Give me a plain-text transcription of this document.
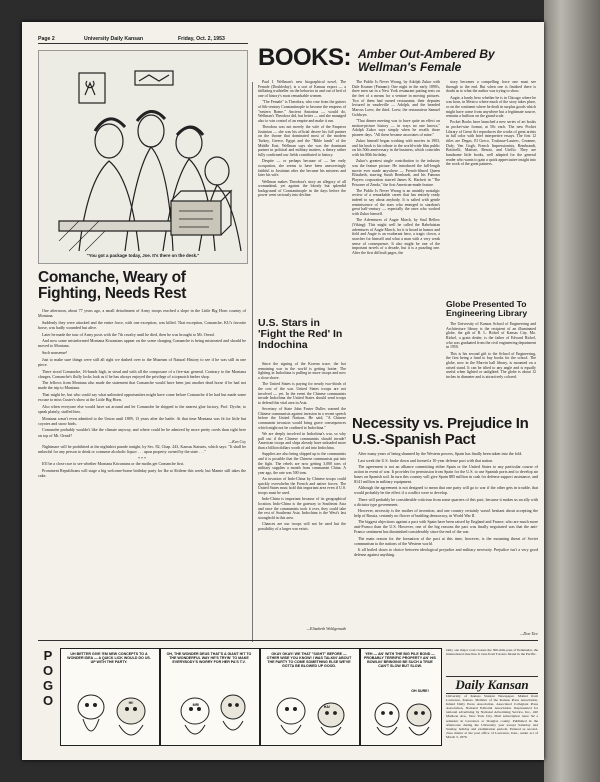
Page 2	University Daily Kansan	Friday, Oct. 2, 1953
"You got a package today, Joe. It's there on the desk."
Comanche, Weary of Fighting, Needs Rest

One afternoon, about 77 years ago, a small detachment of Army troops reached a slope in the Little Big Horn country of Montana.

Suddenly they were attacked and the entire force, with one exception, was killed. That exception, Comanche, KU's favorite horse, was badly wounded but alive.

Later he made the tour of Army posts with the 7th cavalry until he died, then he was brought to Mt. Oread.

And now some misinformed Montana Kiwanians appear on the scene charging Comanche is being mistreated and should be moved to Montana.

Such nonsense!

Just to make sure things were still all right we dashed over to the Museum of Natural History to see if he was still in one piece.

There stood Comanche, 16-hands high, in stead and with all the composure of a five-star general. Contrary to the Montana charges, Comanche's fluffy locks look as if he has always enjoyed the privilege of a topnotch barber shop.

The fellows from Montana also made the statement that Comanche would have been just another dead horse if he had not made the trip to Montana.

That might be, but who could say what unlimited opportunities might have come before Comanche if he had but made some excuse to miss Custer's show at the Little Big Horn.

Also when everyone else would have sat around and let Comanche be shipped to the nearest glue factory, Prof. Dyche, to speak plainly, stuffed him.

Montana wasn't even admitted to the Union until 1889, 13 years after the battle. At that time Montana was fit for little but coyotes and snow birds.

Comanche probably wouldn't like the climate anyway, and where could he be admired by more pretty coeds than right here on top of Mt. Oread?

—Ken Coy

Nightmare will be prohibited at the nightshirt parade tonight, by Sec. 82, Chap. 243, Kansas Statutes, which says: "It shall be unlawful for any person to drink or consume alcoholic liquor . . . upon property owned by the state . . ."

* * *

It'll be a close race to see whether Montana Kiwanians or the moths get Comanche first.

Prominent Republicans will stage a big welcome-home birthday party for Ike at Abilene this week; but Mamie still takes the cake.

BOOKS: Amber Out-Ambered By Wellman's Female

Paul I. Wellman's new biographical novel, The Female (Doubleday), is a sort of Kansas export — a titillating truthteller on the behavior in and out of bed of one of history's most remarkable women.

"The Female" is Theodora, who rose from the gutters of 6th-century Constantinople to become the empress of "eastern Rome." Ancient Antonina — would do, Wellman's Theodora did, but better — and she managed also to win control of an empire and make it run.

Theodora was not merely the wife of the Emperor Justinian — she was his official decree his full partner on the throne that dominated most of the modern Turkey, Greece, Egypt and the "Bible lands" of the Middle East. Wellman says she was the dominant partner in political and military matters, a theory rather fully confirmed our fields contributed to history.

Despite — or perhaps because of — her early occupation, she seems to have been unswervingly faithful to Justinian after she became his mistress and later his wife.

Wellman makes Theodora's story an allegory of all womankind, yet against the bloody but splendid background of Constantinople in the days before the power went seriously into decline.

The Public Is Never Wrong, by Adolph Zukor with Dale Kramer (Putnam): One night in the early 1890's, three men sat in a New York restaurant putting tests on the feet of a means for a venture in moving pictures. Two of them had owned restaurants; their deputies lectured in vaudeville — Adolph, and the bearded Marcus Loew, the third. Loew, the restaurateur Samuel Goldwyn.

"That dinner meeting was to have quite an effect on motion-picture history — in ways no one knows," Adolph Zukor says simply when he recalls those pioneer days. "All these became associates of mine."

Zukor himself began working with movies in 1903, and his book is his tribute to the world-wide film public on his 50th anniversary in the business, which coincides with his 80th birthday.

Zukor's greatest single contribution to the industry was the feature picture. He introduced the full-length movie ever made anywhere — French-filmed Queen Elizabeth, starring Sarah Bernhardt, and his Famous Players corporation starred James K. Hackett in "The Prisoner of Zenda," the first American-made feature.

The Public Is Never Wrong is an amiably nostalgic review of a remarkable career that has entirely ready indeed to say about anybody. It is salted with gentle reminiscence of the stars who emerged to stardom's great half-century — especially the ones who worked with Zukor himself.

The Adventures of Augie March, by Saul Bellow (Viking): This might well be called the Rabelaisian adventures of Augie March, for it is broad in humor and field and Augie is an exuberant hero, a tragic clown, a searcher for himself and what a man with a very weak sense of consequence. It also might be one of the important novels of a decade, but it is a puzzling one. After the first difficult pages, the

story becomes a compelling force one must see through to the end. But when one is finished there is doubt as to what the author was trying to show.

Augie, a hardy hero whether he is in Chicago where he was born, in Mexico where much of the story takes place, or on the continent where he dealt in surplus goods which might have come from anywhere but a legitimate source, remains a buffoon on the grand scale.

Pocket Books have launched a new series of art books in pocket-size format, at 50c each. The new Pocket Library of Great Art reproduces the works of great artists in full color with brief interpretive essays. The first 12 titles are Degas, El Greco, Toulouse-Lautrec, Cezanne, Dufy, Van Gogh, French Impressionists, Rembrandt, Botticelli, Matisse, Renoir, and Utrillo. They are handsome little books, well adapted for the general reader who wants to gain a quick appreciative insight into the work of the great painters.

Globe Presented To Engineering Library

The University of Kansas School of Engineering and Architecture library is the recipient of an illuminated globe, the gift of R. L. Rickel of Kansas City, Mo. Rickel, a grain dealer, is the father of Edward Rickel, who was graduated from the civil engineering department in 1950.

This is his second gift to the School of Engineering, the first being a fund to buy books for the school. The globe, now in the Marvin hall library, is mounted on a raised stand. It can be tilted to any angle and is equally useful when lighted or unlighted. The globe is about 12 inches in diameter and is attractively colored.

U.S. Stars in 'Fight the Red' In Indochina

Since the signing of the Korean truce, the hot remaining war in the world is getting hotter. The fighting in Indochina is pulling in more troops and now a close shave.

The United States is paying for nearly two-thirds of the cost of the war. United States troops are not involved — yet. In the event the Chinese communists invade Indochina the United States should send troops to defend this vital area in Asia.

Secretary of State John Foster Dulles warned the Chinese communists against invasion in a recent speech before the United Nations. He said, "A Chinese communist invasion would bring grave consequences which might not be confined to Indochina."

We are deeply involved in Indochina's war, so why pull out if the Chinese communists should invade? American troops and ships already have unloaded more than a billion dollars worth of aid into Indochina.

Supplies are also being shipped up to the communists and it is possible that the Chinese communists put into the fight. The rebels are now getting 3,000 tons of military supplies a month from communist China. A year ago, the rate was 500 tons.

An invasion of Indo-China by Chinese troops could quickly overwhelm the French and native forces. The United States must hold this important area even if U.S. troops must be used.

Indo-China is important because of its geographical location. Indo-China is the gateway to Southeast Asia and once the communists took it over, they could take the rest of Southeast Asia. Indochina is the West's last stronghold in this area.

Chances are our troops will not be used but the possibility of a larger war exists.

—Elizabeth Wohlgemuth
Necessity vs. Prejudice In U.S.-Spanish Pact

After many years of being shunned by the Western powers, Spain has finally been taken into the fold.

Last week the U.S. broke down and formed a 10-year defense pact with that nation.

The agreement is not an alliance committing either Spain or the United States to any particular course of action in event of war. It provides for permission from Spain for the U.S. to use Spanish ports and to develop air bases on Spanish soil. In turn this country will give Spain $85 million in cash for defense support assistance, and $141 million in military equipment.

Although the agreement is not designed to mean that one party will go to war if the other gets in trouble, that would probably be the effect if a conflict were to develop.

There will probably be considerable criticism from some quarters of this pact, because it makes us an ally with a dictator type government.

However, necessity is the mother of invention, and one country certainly wasn't hesitant about accepting the help of Russia, certainly no flower of budding democracy, in World War II.

The biggest objections against a pact with Spain have been raised by England and France, who are much more anti-Franco than the U.S. However, one of the big reasons the pact was finally negotiated was that the anti-Franco sentiment has diminished considerably since the end of the war.

The main reason for the formation of the pact at this time, however, is the mounting threat of Soviet communism to the nations of the Western world.

It all boiled down to choice between ideological prejudice and military necessity. Prejudice isn't a very good defense against anything.

—Don Tice
P
O
G
O
UH BETTER GIVE 'EM NEW CONCEPTS TO A WONDER IDEA — A QUICK LICK WOULD DO US. UP WITH THE PARTY.
HI!
OH, THE WONDER DEUS THAT'S A GIANT HIT TO THE WONDERFUL WAY HE'S TRYIN' TO MAKE EVERYBODY'S WORRY FOR HER PA'S T.V.
MR!
OKAY OKAY! WE THAT "SIGHT" BEFORE — OTHER WISE YOU KNOW! I WAS TALKIN' ABOUT THE PARTY TO COME SOMETHING ELSE WE'VE GOTTA BE BLOWED UP GOOD.
HA!
YEH — AN' WITH THE BIG PILE BOND — PROBABLY TERRIFIC PROPERTY AN' HIS BOWLIN' BRINGING BE SUCH A TRUE CAN'T SLOW BUT SLOW.
OH SURE!
Only one major road crosses the 300-mile pass of Peninsular, the international date line. It runs from Toronto Island in the Pacific.
Daily Kansan
University of Kansas Student Newspaper. Mailed from Lawrence, Kansas. Member of the Kansas Press Association, Inland Daily Press Association, Associated Collegiate Press Association, National Editorial Association. Represented for national advertising by National Advertising Service, Inc., 420 Madison Ave., New York City. Mail subscription rates: $2 a semester in Lawrence or Douglas county. Published in the afternoons during the University year except Saturday and Sunday, holiday and examination periods. Entered as second-class matter at the post office of Lawrence, Kan., under act of March 3, 1879.
